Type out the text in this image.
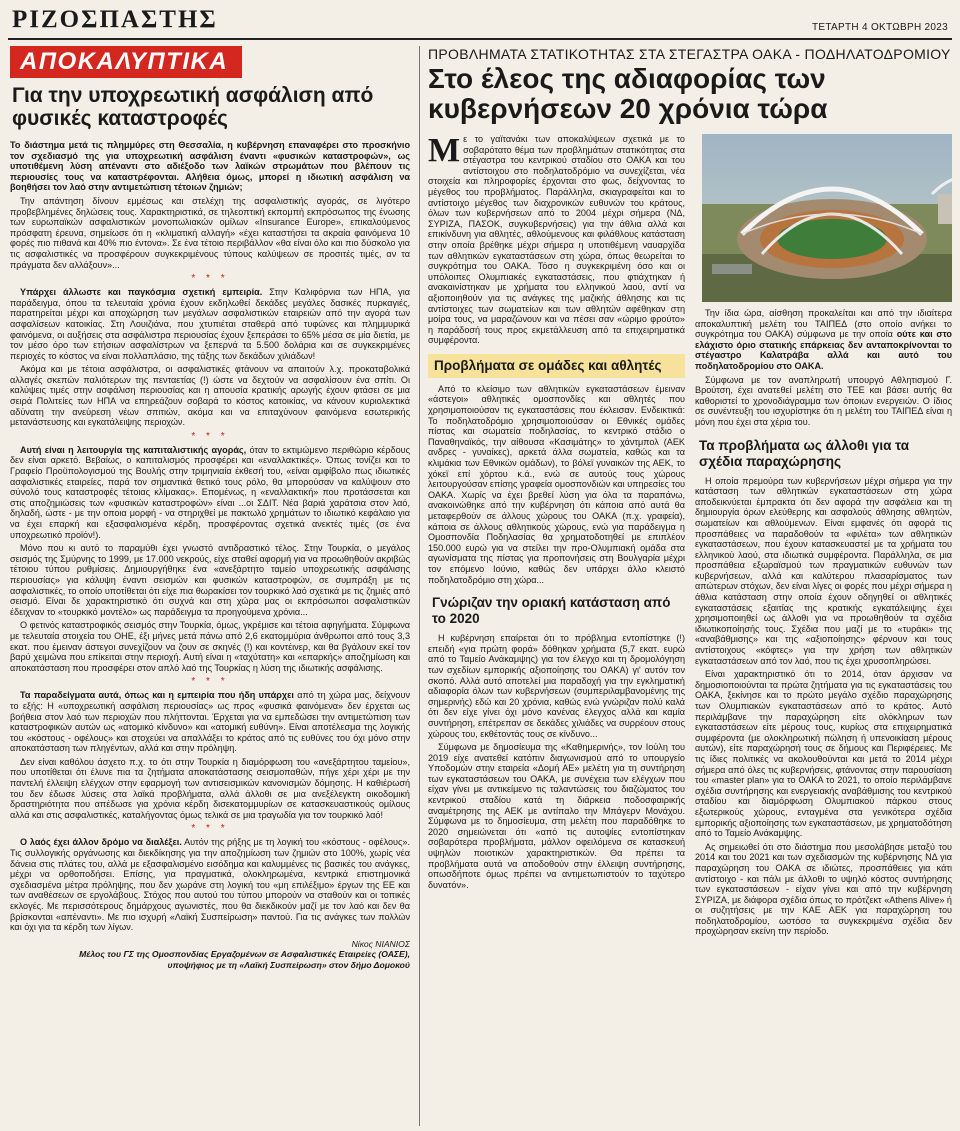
ΡΙΖΟΣΠΑΣΤΗΣ	ΤΕΤΑΡΤΗ 4 ΟΚΤΩΒΡΗ 2023
ΑΠΟΚΑΛΥΠΤΙΚΑ
Για την υποχρεωτική ασφάλιση από φυσικές καταστροφές

Το διάστημα μετά τις πλημμύρες στη Θεσσαλία, η κυβέρνηση επαναφέρει στο προσκήνιο τον σχεδιασμό της για υποχρεωτική ασφάλιση έναντι «φυσικών καταστροφών», ως υποτιθέμενη λύση απέναντι στο αδιέξοδο των λαϊκών στρωμάτων που βλέπουν τις περιουσίες τους να καταστρέφονται. Αλήθεια όμως, μπορεί η ιδιωτική ασφάλιση να βοηθήσει τον λαό στην αντιμετώπιση τέτοιων ζημιών;

Την απάντηση δίνουν εμμέσως και στελέχη της ασφαλιστικής αγοράς, σε λιγότερο προβεβλημένες δηλώσεις τους. Χαρακτηριστικά, σε τηλεοπτική εκπομπή εκπρόσωπος της ένωσης των ευρωπαϊκών ασφαλιστικών μονοπωλιακών ομίλων «Insurance Europe», επικαλούμενος πρόσφατη έρευνα, σημείωσε ότι η «κλιματική αλλαγή» «έχει καταστήσει τα ακραία φαινόμενα 10 φορές πιο πιθανά και 40% πιο έντονα». Σε ένα τέτοιο περιβάλλον «θα είναι όλο και πιο δύσκολο για τις ασφαλιστικές να προσφέρουν συγκεκριμένους τύπους καλύψεων σε προσιτές τιμές, αν τα πράγματα δεν αλλάξουν»...

* * *

Υπάρχει άλλωστε και παγκόσμια σχετική εμπειρία. Στην Καλιφόρνια των ΗΠΑ, για παράδειγμα, όπου τα τελευταία χρόνια έχουν εκδηλωθεί δεκάδες μεγάλες δασικές πυρκαγιές, παρατηρείται μέχρι και αποχώρηση των μεγάλων ασφαλιστικών εταιρειών από την αγορά των ασφαλίσεων κατοικίας. Στη Λουιζιάνα, που χτυπιέται σταθερά από τυφώνες και πλημμυρικά φαινόμενα, οι αυξήσεις στα ασφάλιστρα περιουσίας έχουν ξεπεράσει το 65% μέσα σε μία διετία, με τον μέσο όρο των ετήσιων ασφαλίστρων να ξεπερνά τα 5.500 δολάρια και σε συγκεκριμένες περιοχές το κόστος να είναι πολλαπλάσιο, της τάξης των δεκάδων χιλιάδων!

Ακόμα και με τέτοια ασφάλιστρα, οι ασφαλιστικές φτάνουν να απαιτούν λ.χ. προκαταβολικά αλλαγές σκεπών παλιότερων της πενταετίας (!) ώστε να δεχτούν να ασφαλίσουν ένα σπίτι. Οι καλύψεις τιμές στην ασφάλιση περιουσίας και η απουσία κρατικής αρωγής έχουν φτάσει σε μια σειρά Πολιτείες των ΗΠΑ να επηρεάζουν σοβαρά το κόστος κατοικίας, να κάνουν κυριολεκτικά αδύνατη την ανεύρεση νέων σπιτιών, ακόμα και να επιταχύνουν φαινόμενα εσωτερικής μετανάστευσης και εγκατάλειψης περιοχών.

* * *

Αυτή είναι η λειτουργία της καπιταλιστικής αγοράς, όταν το εκτιμώμενο περιθώριο κέρδους δεν είναι αρκετό. Βεβαίως, ο καπιταλισμός προσφέρει και «εναλλακτικές». Όπως τονίζει και το Γραφείο Προϋπολογισμού της Βουλής στην τριμηνιαία έκθεσή του, «είναι αμφίβολο πως ιδιωτικές ασφαλιστικές εταιρείες, παρά τον σημαντικά θετικό τους ρόλο, θα μπορούσαν να καλύψουν στο σύνολό τους καταστροφές τέτοιας κλίμακας». Επομένως, η «εναλλακτική» που προτάσσεται και στις αποζημιώσεις των «φυσικών καταστροφών» είναι ...οι ΣΔΙΤ. Νέα βαριά χαράτσια στον λαό, δηλαδή, ώστε - με την οποια μορφή - να στηριχθεί με πακτωλό χρημάτων το ιδιωτικό κεφάλαιο για να έχει επαρκή και εξασφαλισμένα κέρδη, προσφέροντας σχετικά ανεκτές τιμές (σε ένα υποχρεωτικό προϊόν!).

Μόνο που κι αυτό το παραμύθι έχει γνωστό αντιδραστικό τέλος. Στην Τουρκία, ο μεγάλος σεισμός της Σμύρνης το 1999, με 17.000 νεκρούς, είχε σταθεί αφορμή για να προωθηθούν ακριβώς τέτοιου τύπου ρυθμίσεις. Δημιουργήθηκε ένα «ανεξάρτητο ταμείο υποχρεωτικής ασφάλισης περιουσίας» για κάλυψη έναντι σεισμών και φυσικών καταστροφών, σε συμπράξη με τις ασφαλιστικές, το οποίο υποτίθεται ότι είχε πια θωρακίσει τον τουρκικό λαό σχετικά με τις ζημιές από σεισμό. Είναι δε χαρακτηριστικό ότι συχνά και στη χώρα μας οι εκπρόσωποι ασφαλιστικών έδειχναν το «τουρκικό μοντέλο» ως παράδειγμα τα προηγούμενα χρόνια...

Ο φετινός καταστροφικός σεισμός στην Τουρκία, όμως, γκρέμισε και τέτοια αφηγήματα. Σύμφωνα με τελευταία στοιχεία του ΟΗΕ, έξι μήνες μετά πάνω από 2,6 εκατομμύρια άνθρωποι από τους 3,3 εκατ. που έμειναν άστεγοι συνεχίζουν να ζουν σε σκηνές (!) και κοντέινερ, και θα βγάλουν εκεί τον βαρύ χειμώνα που επίκειται στην περιοχή. Αυτή είναι η «ταχύτατη» και «επαρκής» αποζημίωση και αποκατάσταση που προσφέρει στον απλό λαό της Τουρκίας η λύση της ιδιωτικής ασφάλισης.

* * *

Τα παραδείγματα αυτά, όπως και η εμπειρία που ήδη υπάρχει από τη χώρα μας, δείχνουν το εξής: Η «υποχρεωτική ασφάλιση περιουσίας» ως προς «φυσικά φαινόμενα» δεν έρχεται ως βοήθεια στον λαό των περιοχών που πλήττονται. Έρχεται για να εμπεδώσει την αντιμετώπιση των καταστροφικών αυτών ως «ατομικό κίνδυνο» και «ατομική ευθύνη». Είναι αποτέλεσμα της λογικής του «κόστους - οφέλους» και στοχεύει να απαλλάξει το κράτος από τις ευθύνες του όχι μόνο στην αποκατάσταση των πληγέντων, αλλά και στην πρόληψη.

Δεν είναι καθόλου άσχετο π.χ. το ότι στην Τουρκία η διαμόρφωση του «ανεξάρτητου ταμείου», που υποτίθεται ότι έλυνε πια τα ζητήματα αποκατάστασης σεισμοπαθών, πήγε χέρι χέρι με την παντελή έλλειψη ελέγχων στην εφαρμογή των αντισεισμικών κανονισμών δόμησης. Η καθιέρωσή του δεν έδωσε λύσεις στα λαϊκά προβλήματα, αλλά άλλοθι σε μια ανεξέλεγκτη οικοδομική δραστηριότητα που απέδωσε για χρόνια κέρδη δισεκατομμυρίων σε κατασκευαστικούς ομίλους αλλά και στις ασφαλιστικές, καταλήγοντας όμως τελικά σε μια τραγωδία για τον τουρκικό λαό!

* * *

Ο λαός έχει άλλον δρόμο να διαλέξει. Αυτόν της ρήξης με τη λογική του «κόστους - οφέλους». Τις συλλογικής οργάνωσης και διεκδίκησης για την αποζημίωση των ζημιών στο 100%, χωρίς νέα δάνεια στις πλάτες του, αλλά με εξασφαλισμένο εισόδημα και καλυμμένες τις βασικές του ανάγκες, μέχρι να ορθοποδήσει. Επίσης, για πραγματικά, ολοκληρωμένα, κεντρικά επιστημονικά σχεδιασμένα μέτρα πρόληψης, που δεν χωράνε στη λογική του «μη επιλέξιμο» έργων της ΕΕ και των αναθέσεων σε εργολάβους. Στόχος που αυτού του τύπου μπορούν να σταθούν και οι τοπικές εκλογές. Με περισσότερους δημάρχους αγωνιστές, που θα διεκδικούν μαζί με τον λαό και δεν θα βρίσκονται «απέναντι». Με πιο ισχυρή «Λαϊκή Συσπείρωση» παντού. Για τις ανάγκες των πολλών και όχι για τα κέρδη των λίγων.

Νίκος ΝΙΑΝΙΟΣ
Μέλος του ΓΣ της Ομοσπονδίας Εργαζομένων σε Ασφαλιστικές Εταιρείες (ΟΑΣΕ),
υποψήφιος με τη «Λαϊκή Συσπείρωση» στον δήμο Δομοκού
ΠΡΟΒΛΗΜΑΤΑ ΣΤΑΤΙΚΟΤΗΤΑΣ ΣΤΑ ΣΤΕΓΑΣΤΡΑ ΟΑΚΑ - ΠΟΔΗΛΑΤΟΔΡΟΜΙΟΥ
Στο έλεος της αδιαφορίας των κυβερνήσεων 20 χρόνια τώρα
Μ ε το γαϊτανάκι των αποκαλύψεων σχετικά με το σοβαρότατο θέμα των προβλημάτων στατικότητας στα στέγαστρα του κεντρικού σταδίου στο ΟΑΚΑ και του αντίστοιχου στο ποδηλατοδρόμιο να συνεχίζεται, νέα στοιχεία και πληροφορίες έρχονται στο φως, δείχνοντας το μέγεθος του προβλήματος. Παράλληλα, σκιαγραφείται και το αντίστοιχο μέγεθος των διαχρονικών ευθυνών του κράτους, όλων των κυβερνήσεων από το 2004 μέχρι σήμερα (ΝΔ, ΣΥΡΙΖΑ, ΠΑΣΟΚ, συγκυβερνήσεις) για την άθλια αλλά και επικίνδυνη για αθλητές, αθλούμενους και φιλάθλους κατάσταση στην οποία βρέθηκε μέχρι σήμερα η υποτιθέμενη ναυαρχίδα των αθλητικών εγκαταστάσεων στη χώρα, όπως θεωρείται το συγκρότημα του ΟΑΚΑ. Τόσο η συγκεκριμένη όσο και οι υπόλοιπες Ολυμπιακές εγκαταστάσεις, που φτιάχτηκαν ή ανακαινίστηκαν με χρήματα του ελληνικού λαού, αντί να αξιοποιηθούν για τις ανάγκες της μαζικής άθλησης και τις αντίστοιχες των σωματείων και των αθλητών αφέθηκαν στη μοίρα τους, να μαραζώνουν και να πέσει σαν «ώριμο φρούτο» η παράδοσή τους προς εκμετάλλευση από τα επιχειρηματικά συμφέροντα.

Προβλήματα σε ομάδες και αθλητές

Από το κλείσιμο των αθλητικών εγκαταστάσεων έμειναν «άστεγοι» αθλητικές ομοσπονδίες και αθλητές που χρησιμοποιούσαν τις εγκαταστάσεις που έκλεισαν. Ενδεικτικά: Το ποδηλατοδρόμιο χρησιμοποιούσαν οι Εθνικές ομάδες πίστας και σωματεία ποδηλασίας, το κεντρικό στάδιο ο Παναθηναϊκός, την αίθουσα «Κασιμάτης» το χάντμπολ (ΑΕΚ ανδρες - γυναίκες), αρκετά άλλα σωματεία, καθώς και τα κλιμάκια των Εθνικών ομάδων), το βόλεϊ γυναικών της ΑΕΚ, το χόκεϊ επί χόρτου κ.ά., ενώ σε αυτούς τους χώρους λειτουργούσαν επίσης γραφεία ομοσπονδιών και υπηρεσίες του ΟΑΚΑ. Χωρίς να έχει βρεθεί λύση για όλα τα παραπάνω, ανακοινώθηκε από την κυβέρνηση ότι κάποια από αυτά θα μεταφερθούν σε άλλους χώρους του ΟΑΚΑ (π.χ. γραφεία), κάποια σε άλλους αθλητικούς χώρους, ενώ για παράδειγμα η Ομοσπονδία Ποδηλασίας θα χρηματοδοτηθεί με επιπλέον 150.000 ευρώ για να στείλει την προ-Ολυμπιακή ομάδα στα αγωνίσματα της πίστας για προπονήσεις στη Βουλγαρία μέχρι τον επόμενο Ιούνιο, καθώς δεν υπάρχει άλλο κλειστό ποδηλατοδρόμιο στη χώρα...

Γνώριζαν την οριακή κατάσταση από το 2020

Η κυβέρνηση επαίρεται ότι το πρόβλημα εντοπίστηκε (!) επειδή «για πρώτη φορά» δόθηκαν χρήματα (5,7 εκατ. ευρώ από το Ταμείο Ανάκαμψης) για τον έλεγχο και τη δρομολόγηση των σχεδίων εμπορικής αξιοποίησης του ΟΑΚΑ) γι' αυτόν τον σκοπό. Αλλά αυτό αποτελεί μια παραδοχή για την εγκληματική αδιαφορία όλων των κυβερνήσεων (συμπεριλαμβανομένης της σημερινής) εδώ και 20 χρόνια, καθώς ενώ γνώριζαν πολύ καλά ότι δεν είχε γίνει όχι μόνο κανένας έλεγχος αλλά και καμία συντήρηση, επέτρεπαν σε δεκάδες χιλιάδες να συρρέουν στους χώρους του, εκθέτοντάς τους σε κίνδυνο...

Σύμφωνα με δημοσίευμα της «Καθημερινής», τον Ιούλη του 2019 είχε ανατεθεί κατόπιν διαγωνισμού από το υπουργείο Υποδομών στην εταιρεία «Δομή ΑΕ» μελέτη για τη συντήρηση των εγκαταστάσεων του ΟΑΚΑ, με συνέχεια των ελέγχων που είχαν γίνει με αντικείμενο τις ταλαντώσεις του διαζώματος του κεντρικού σταδίου κατά τη διάρκεια ποδοσφαιρικής αναμέτρησης της ΑΕΚ με αντίπαλο την Μπάγερν Μονάχου. Σύμφωνα με το δημοσίευμα, στη μελέτη που παραδόθηκε το 2020 σημειώνεται ότι «από τις αυτοψίες εντοπίστηκαν σοβαρότερα προβλήματα, μάλλον οφειλόμενα σε κατασκευή υψηλών ποιοτικών χαρακτηριστικών. Θα πρέπει τα προβλήματα αυτά να αποδοθούν στην έλλειψη συντήρησης, οπωσδήποτε όμως πρέπει να αντιμετωπιστούν το ταχύτερο δυνατόν».

Την ίδια ώρα, αίσθηση προκαλείται και από την ιδιαίτερα αποκαλυπτική μελέτη του ΤΑΙΠΕΔ (στο οποίο ανήκει το συγκρότημα του ΟΑΚΑ) σύμφωνα με την οποία ούτε και στο ελάχιστο όριο στατικής επάρκειας δεν ανταποκρίνονται το στέγαστρο Καλατράβα αλλά και αυτό του ποδηλατοδρομίου στο ΟΑΚΑ.

Σύμφωνα με τον αναπληρωτή υπουργό Αθλητισμού Γ. Βρούτση, έχει ανατεθεί μελέτη στο ΤΕΕ και βάσει αυτής θα καθοριστεί το χρονοδιάγραμμα των όποιων ενεργειών. Ο ίδιος σε συνέντευξη του ισχυρίστηκε ότι η μελέτη του ΤΑΙΠΕΔ είναι η μόνη που έχει στα χέρια του.

Τα προβλήματα ως άλλοθι για τα σχέδια παραχώρησης

Η οποία πρεμούρα των κυβερνήσεων μέχρι σήμερα για την κατάσταση των αθλητικών εγκαταστάσεων στη χώρα αποδεικνύεται έμπρακτα ότι δεν αφορά την ασφάλεια και τη δημιουργία όρων ελεύθερης και ασφαλούς άθλησης αθλητών, σωματείων και αθλούμενων. Είναι εμφανές ότι αφορά τις προσπάθειες να παραδοθούν τα «φιλέτα» των αθλητικών εγκαταστάσεων, που έχουν κατασκευαστεί με τα χρήματα του ελληνικού λαού, στα ιδιωτικά συμφέροντα. Παράλληλα, σε μια προσπάθεια εξωραϊσμού των πραγματικών ευθυνών των κυβερνήσεων, αλλά και καλύτερου πλασαρίσματος των απώτερων στόχων, δεν είναι λίγες οι φορές που μέχρι σήμερα η άθλια κατάσταση στην οποία έχουν οδηγηθεί οι αθλητικές εγκαταστάσεις εξαιτίας της κρατικής εγκατάλειψης έχει χρησιμοποιηθεί ως άλλοθι για να προωθηθούν τα σχέδια ιδιωτικοποίησής τους. Σχέδια που μαζί με το «τυράκι» της «αναβάθμισης» και της «αξιοποίησης» φέρνουν και τους αντίστοιχους «κόφτες» για την χρήση των αθλητικών εγκαταστάσεων από τον λαό, που τις έχει χρυσοπληρώσει.

Είναι χαρακτηριστικό ότι το 2014, όταν άρχισαν να δημοσιοποιούνται τα πρώτα ζητήματα για τις εγκαταστάσεις του ΟΑΚΑ, ξεκίνησε και το πρώτο μεγάλο σχέδιο παραχώρησης των Ολυμπιακών εγκαταστάσεων από το κράτος. Αυτό περιλάμβανε την παραχώρηση είτε ολόκληρων των εγκαταστάσεων είτε μέρους τους, κυρίως στα επιχειρηματικά συμφέροντα (με ολοκληρωτική πώληση ή υπενοικίαση μέρους αυτών), είτε παραχώρησή τους σε δήμους και Περιφέρειες. Με τις ίδιες πολιτικές να ακολουθούνται και μετά το 2014 μέχρι σήμερα από όλες τις κυβερνήσεις, φτάνοντας στην παρουσίαση του «master plan» για το ΟΑΚΑ το 2021, το οποίο περιλάμβανε σχέδια συντήρησης και ενεργειακής αναβάθμισης του κεντρικού σταδίου και διαμόρφωση Ολυμπιακού πάρκου στους εξωτερικούς χώρους, ενταγμένα στα γενικότερα σχέδια εμπορικής αξιοποίησης των εγκαταστάσεων, με χρηματοδότηση από το Ταμείο Ανάκαμψης.

Ας σημειωθεί ότι στο διάστημα που μεσολάβησε μεταξύ του 2014 και του 2021 και των σχεδιασμών της κυβέρνησης ΝΔ για παραχώρηση του ΟΑΚΑ σε ιδιώτες, προσπάθειες για κάτι αντίστοιχο - και πάλι με άλλοθι το υψηλό κόστος συντήρησης των εγκαταστάσεων - είχαν γίνει και από την κυβέρνηση ΣΥΡΙΖΑ, με διάφορα σχέδια όπως το πρότζεκτ «Athens Alive» ή οι συζητήσεις με την ΚΑΕ ΑΕΚ για παραχώρηση του ποδηλατοδρομίου, ωστόσο τα συγκεκριμένα σχέδια δεν προχώρησαν εκείνη την περίοδο.
